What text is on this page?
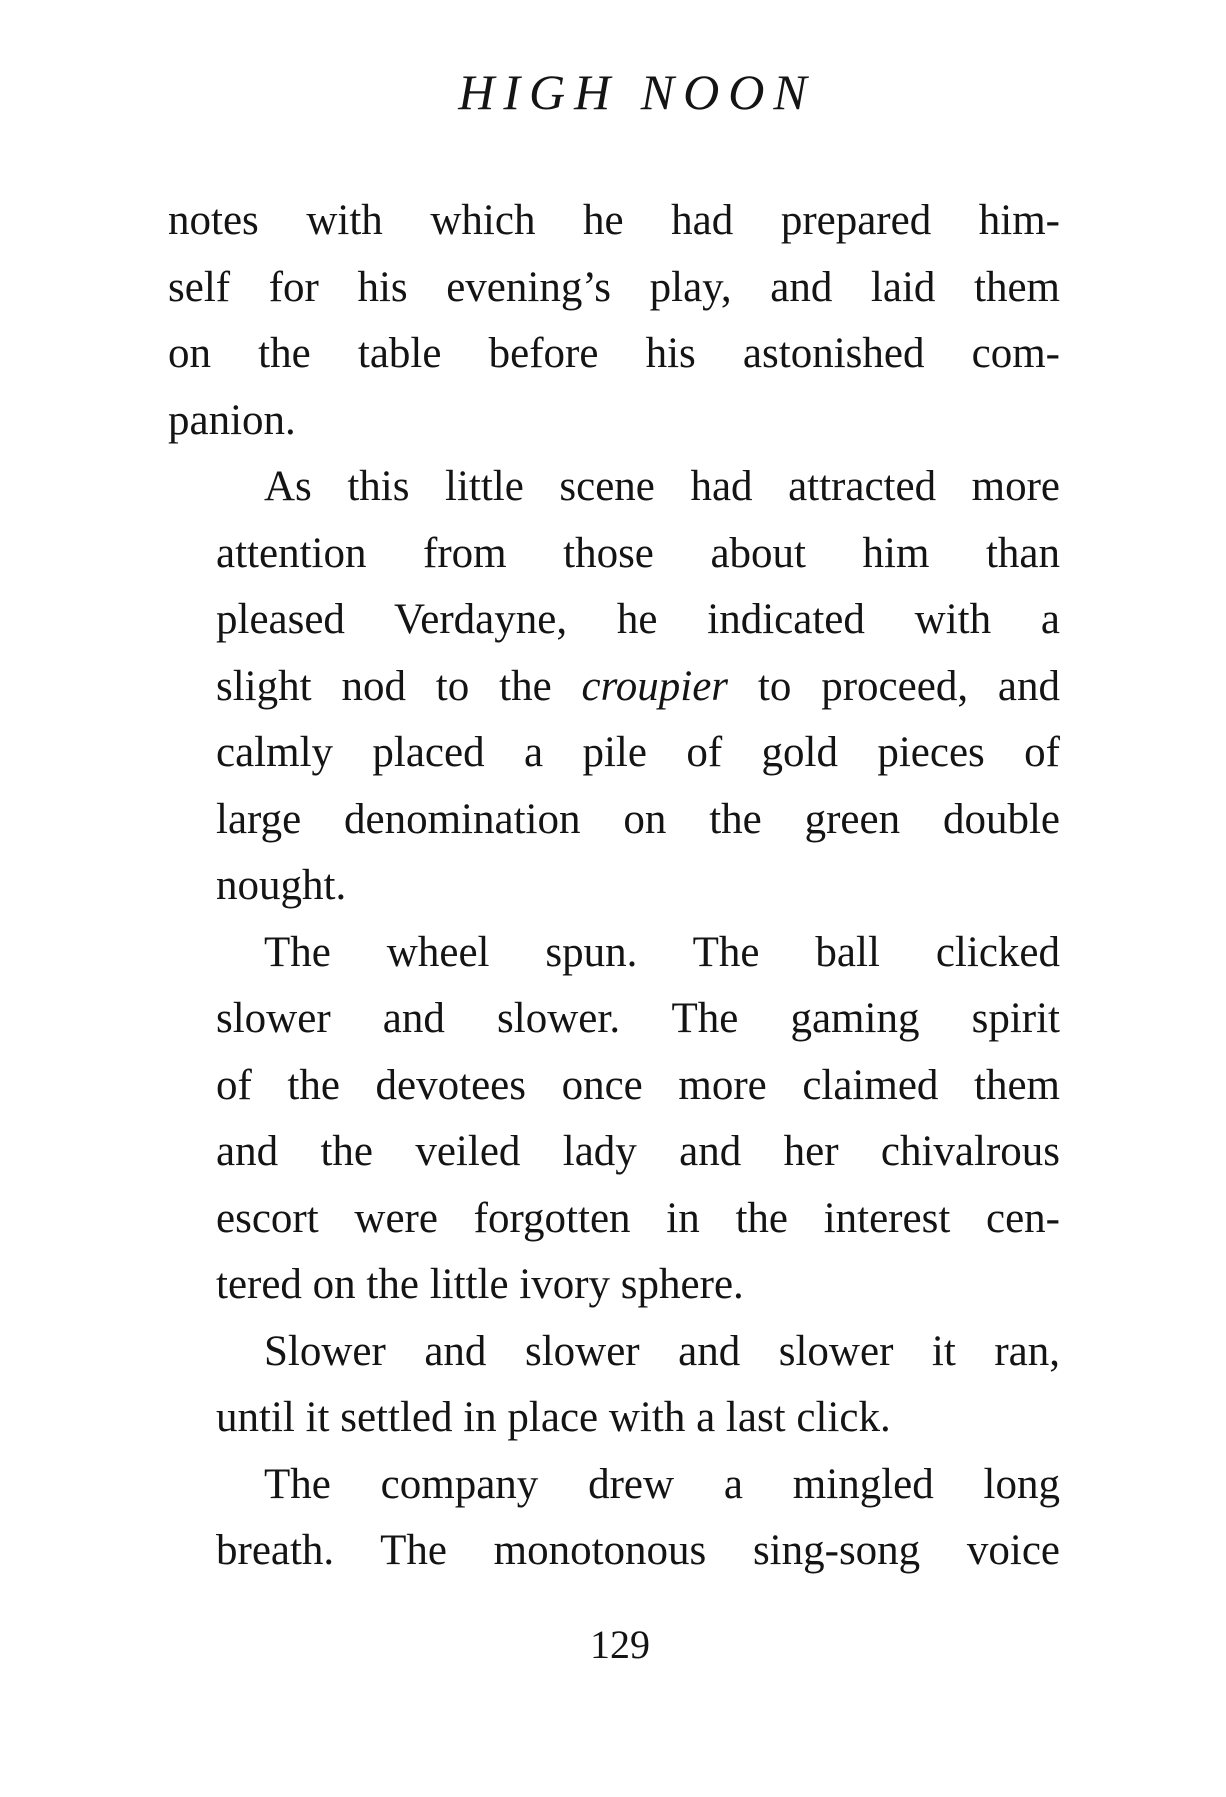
HIGH NOON
notes with which he had prepared him-
self for his evening’s play, and laid them
on the table before his astonished com-
panion.
As this little scene had attracted more
attention from those about him than
pleased Verdayne, he indicated with a
slight nod to the croupier to proceed, and
calmly placed a pile of gold pieces of
large denomination on the green double
nought.
The wheel spun. The ball clicked
slower and slower. The gaming spirit
of the devotees once more claimed them
and the veiled lady and her chivalrous
escort were forgotten in the interest cen-
tered on the little ivory sphere.
Slower and slower and slower it ran,
until it settled in place with a last click.
The company drew a mingled long
breath. The monotonous sing-song voice
129
